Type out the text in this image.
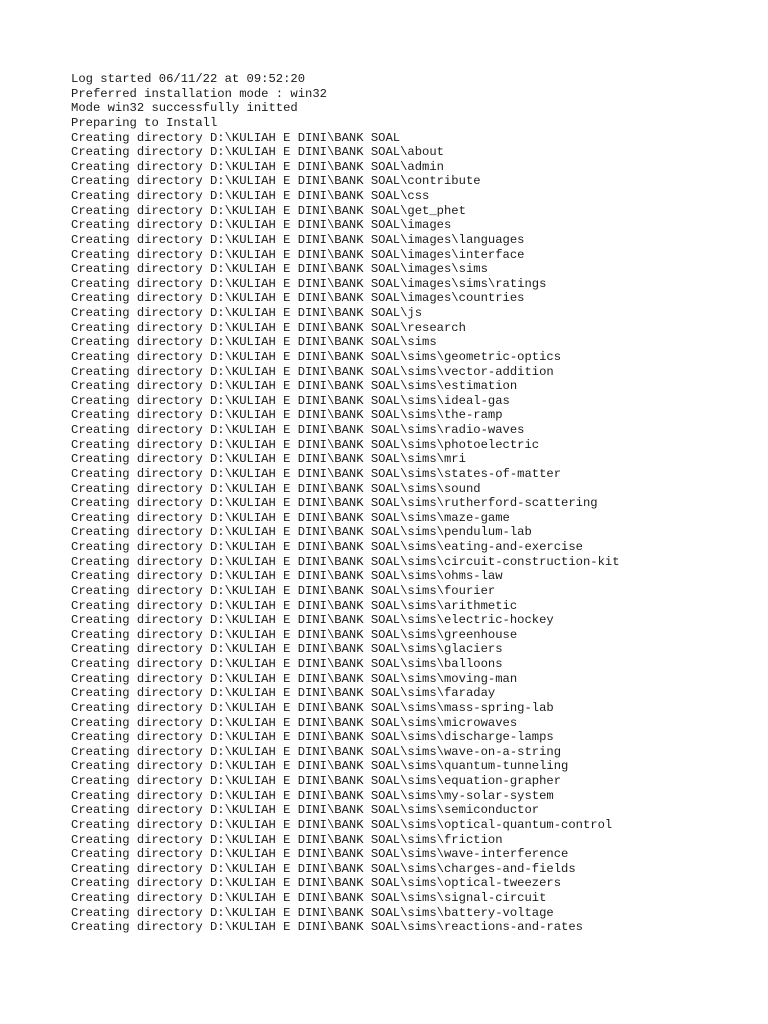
Log started 06/11/22 at 09:52:20

Preferred installation mode : win32

Mode win32 successfully initted

Preparing to Install

Creating directory D:\KULIAH E DINI\BANK SOAL

Creating directory D:\KULIAH E DINI\BANK SOAL\about

Creating directory D:\KULIAH E DINI\BANK SOAL\admin

Creating directory D:\KULIAH E DINI\BANK SOAL\contribute

Creating directory D:\KULIAH E DINI\BANK SOAL\css

Creating directory D:\KULIAH E DINI\BANK SOAL\get_phet

Creating directory D:\KULIAH E DINI\BANK SOAL\images

Creating directory D:\KULIAH E DINI\BANK SOAL\images\languages

Creating directory D:\KULIAH E DINI\BANK SOAL\images\interface

Creating directory D:\KULIAH E DINI\BANK SOAL\images\sims

Creating directory D:\KULIAH E DINI\BANK SOAL\images\sims\ratings

Creating directory D:\KULIAH E DINI\BANK SOAL\images\countries

Creating directory D:\KULIAH E DINI\BANK SOAL\js

Creating directory D:\KULIAH E DINI\BANK SOAL\research

Creating directory D:\KULIAH E DINI\BANK SOAL\sims

Creating directory D:\KULIAH E DINI\BANK SOAL\sims\geometric-optics

Creating directory D:\KULIAH E DINI\BANK SOAL\sims\vector-addition

Creating directory D:\KULIAH E DINI\BANK SOAL\sims\estimation

Creating directory D:\KULIAH E DINI\BANK SOAL\sims\ideal-gas

Creating directory D:\KULIAH E DINI\BANK SOAL\sims\the-ramp

Creating directory D:\KULIAH E DINI\BANK SOAL\sims\radio-waves

Creating directory D:\KULIAH E DINI\BANK SOAL\sims\photoelectric

Creating directory D:\KULIAH E DINI\BANK SOAL\sims\mri

Creating directory D:\KULIAH E DINI\BANK SOAL\sims\states-of-matter

Creating directory D:\KULIAH E DINI\BANK SOAL\sims\sound

Creating directory D:\KULIAH E DINI\BANK SOAL\sims\rutherford-scattering

Creating directory D:\KULIAH E DINI\BANK SOAL\sims\maze-game

Creating directory D:\KULIAH E DINI\BANK SOAL\sims\pendulum-lab

Creating directory D:\KULIAH E DINI\BANK SOAL\sims\eating-and-exercise

Creating directory D:\KULIAH E DINI\BANK SOAL\sims\circuit-construction-kit

Creating directory D:\KULIAH E DINI\BANK SOAL\sims\ohms-law

Creating directory D:\KULIAH E DINI\BANK SOAL\sims\fourier

Creating directory D:\KULIAH E DINI\BANK SOAL\sims\arithmetic

Creating directory D:\KULIAH E DINI\BANK SOAL\sims\electric-hockey

Creating directory D:\KULIAH E DINI\BANK SOAL\sims\greenhouse

Creating directory D:\KULIAH E DINI\BANK SOAL\sims\glaciers

Creating directory D:\KULIAH E DINI\BANK SOAL\sims\balloons

Creating directory D:\KULIAH E DINI\BANK SOAL\sims\moving-man

Creating directory D:\KULIAH E DINI\BANK SOAL\sims\faraday

Creating directory D:\KULIAH E DINI\BANK SOAL\sims\mass-spring-lab

Creating directory D:\KULIAH E DINI\BANK SOAL\sims\microwaves

Creating directory D:\KULIAH E DINI\BANK SOAL\sims\discharge-lamps

Creating directory D:\KULIAH E DINI\BANK SOAL\sims\wave-on-a-string

Creating directory D:\KULIAH E DINI\BANK SOAL\sims\quantum-tunneling

Creating directory D:\KULIAH E DINI\BANK SOAL\sims\equation-grapher

Creating directory D:\KULIAH E DINI\BANK SOAL\sims\my-solar-system

Creating directory D:\KULIAH E DINI\BANK SOAL\sims\semiconductor

Creating directory D:\KULIAH E DINI\BANK SOAL\sims\optical-quantum-control

Creating directory D:\KULIAH E DINI\BANK SOAL\sims\friction

Creating directory D:\KULIAH E DINI\BANK SOAL\sims\wave-interference

Creating directory D:\KULIAH E DINI\BANK SOAL\sims\charges-and-fields

Creating directory D:\KULIAH E DINI\BANK SOAL\sims\optical-tweezers

Creating directory D:\KULIAH E DINI\BANK SOAL\sims\signal-circuit

Creating directory D:\KULIAH E DINI\BANK SOAL\sims\battery-voltage

Creating directory D:\KULIAH E DINI\BANK SOAL\sims\reactions-and-rates
